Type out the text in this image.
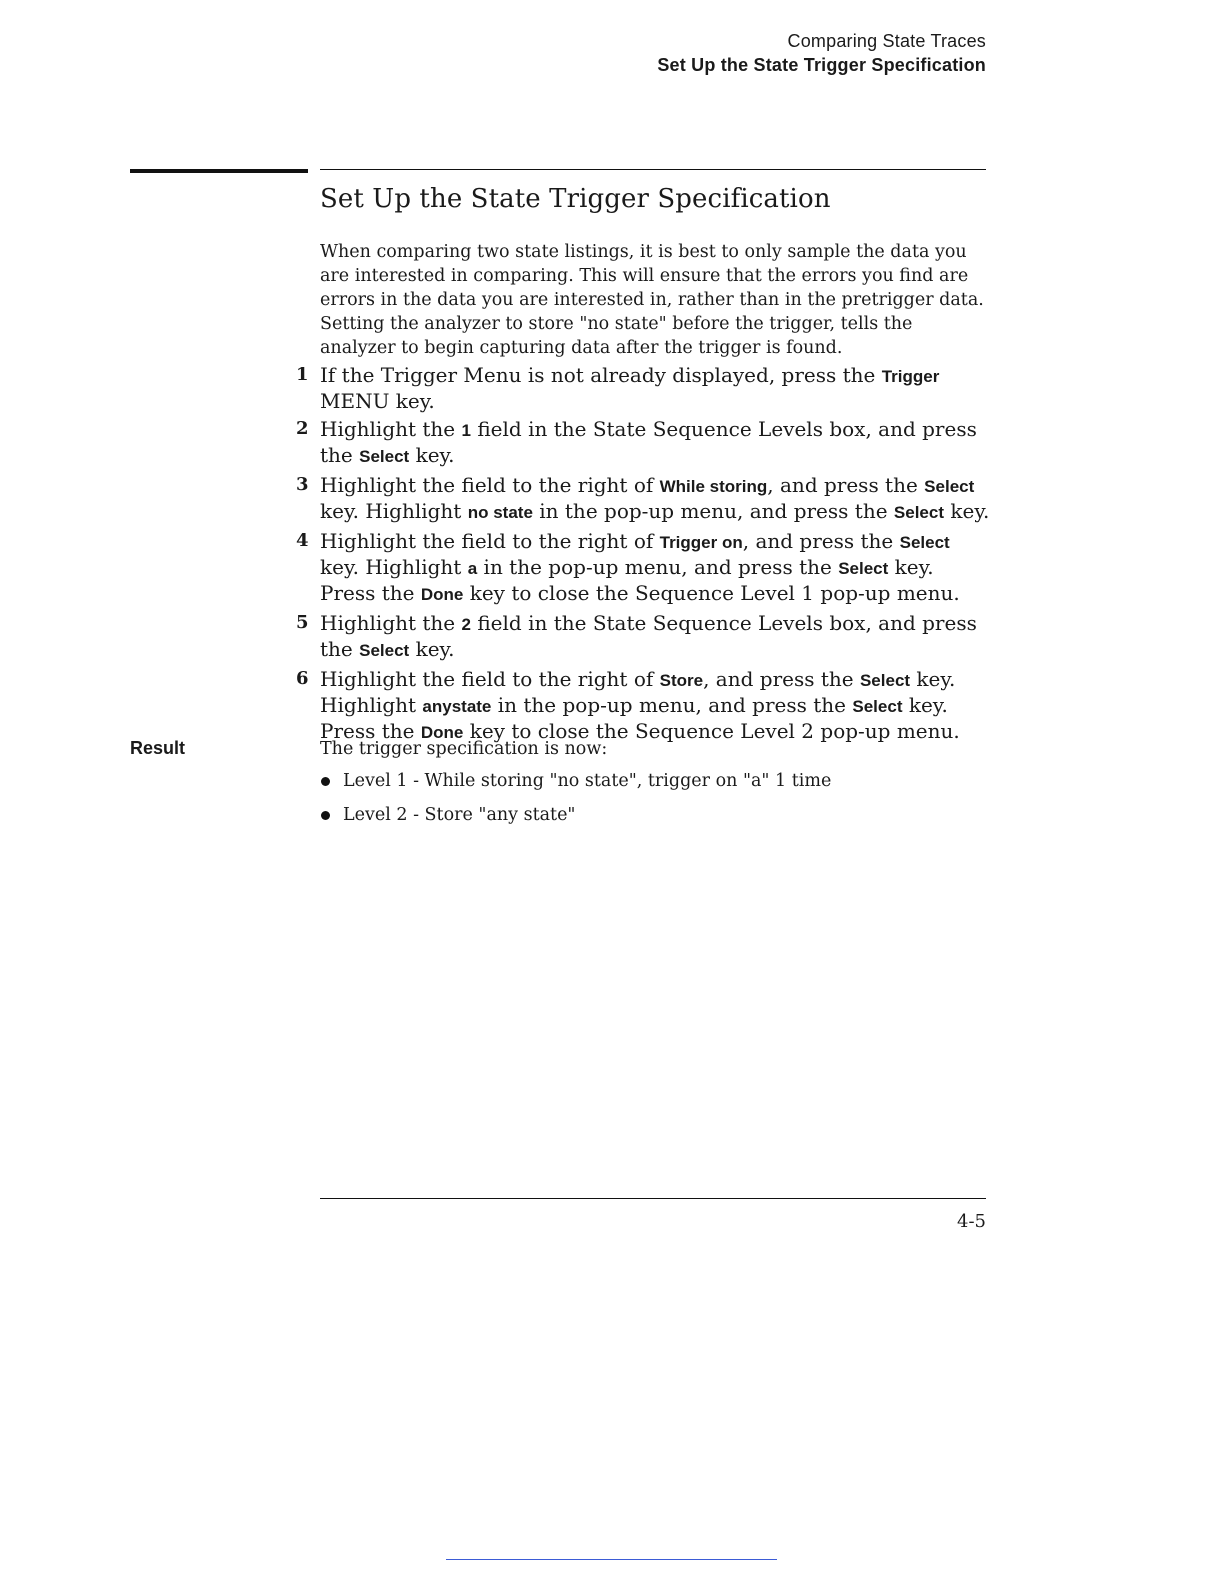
Comparing State Traces
Set Up the State Trigger Specification
Set Up the State Trigger Specification

When comparing two state listings, it is best to only sample the data you are interested in comparing. This will ensure that the errors you find are errors in the data you are interested in, rather than in the pretrigger data. Setting the analyzer to store "no state" before the trigger, tells the analyzer to begin capturing data after the trigger is found.

1 If the Trigger Menu is not already displayed, press the Trigger MENU key.
2 Highlight the 1 field in the State Sequence Levels box, and press the Select key.
3 Highlight the field to the right of While storing, and press the Select key. Highlight no state in the pop-up menu, and press the Select key.
4 Highlight the field to the right of Trigger on, and press the Select key. Highlight a in the pop-up menu, and press the Select key. Press the Done key to close the Sequence Level 1 pop-up menu.
5 Highlight the 2 field in the State Sequence Levels box, and press the Select key.
6 Highlight the field to the right of Store, and press the Select key. Highlight anystate in the pop-up menu, and press the Select key. Press the Done key to close the Sequence Level 2 pop-up menu.
Result	The trigger specification is now:

Level 1 - While storing "no state", trigger on "a" 1 time
Level 2 - Store "any state"
4-5
